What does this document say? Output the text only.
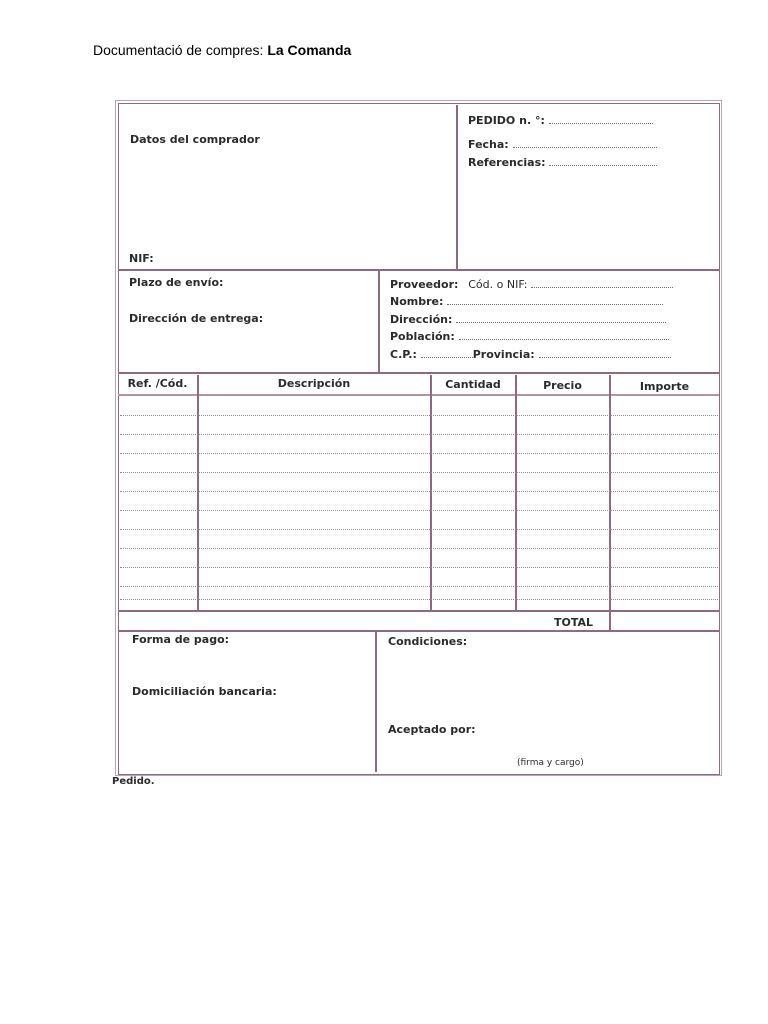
Documentació de compres: La Comanda
Datos del comprador
NIF:
PEDIDO n. °:
Fecha:
Referencias:
Plazo de envío:
Dirección de entrega:
Proveedor: Cód. o NIF:
Nombre:
Dirección:
Población:
C.P.:	Provincia:
Ref. /Cód.	Descripción	Cantidad	Precio	Importe
TOTAL
Forma de pago:
Domiciliación bancaria:
Condiciones:
Aceptado por:
(firma y cargo)
Pedido.
